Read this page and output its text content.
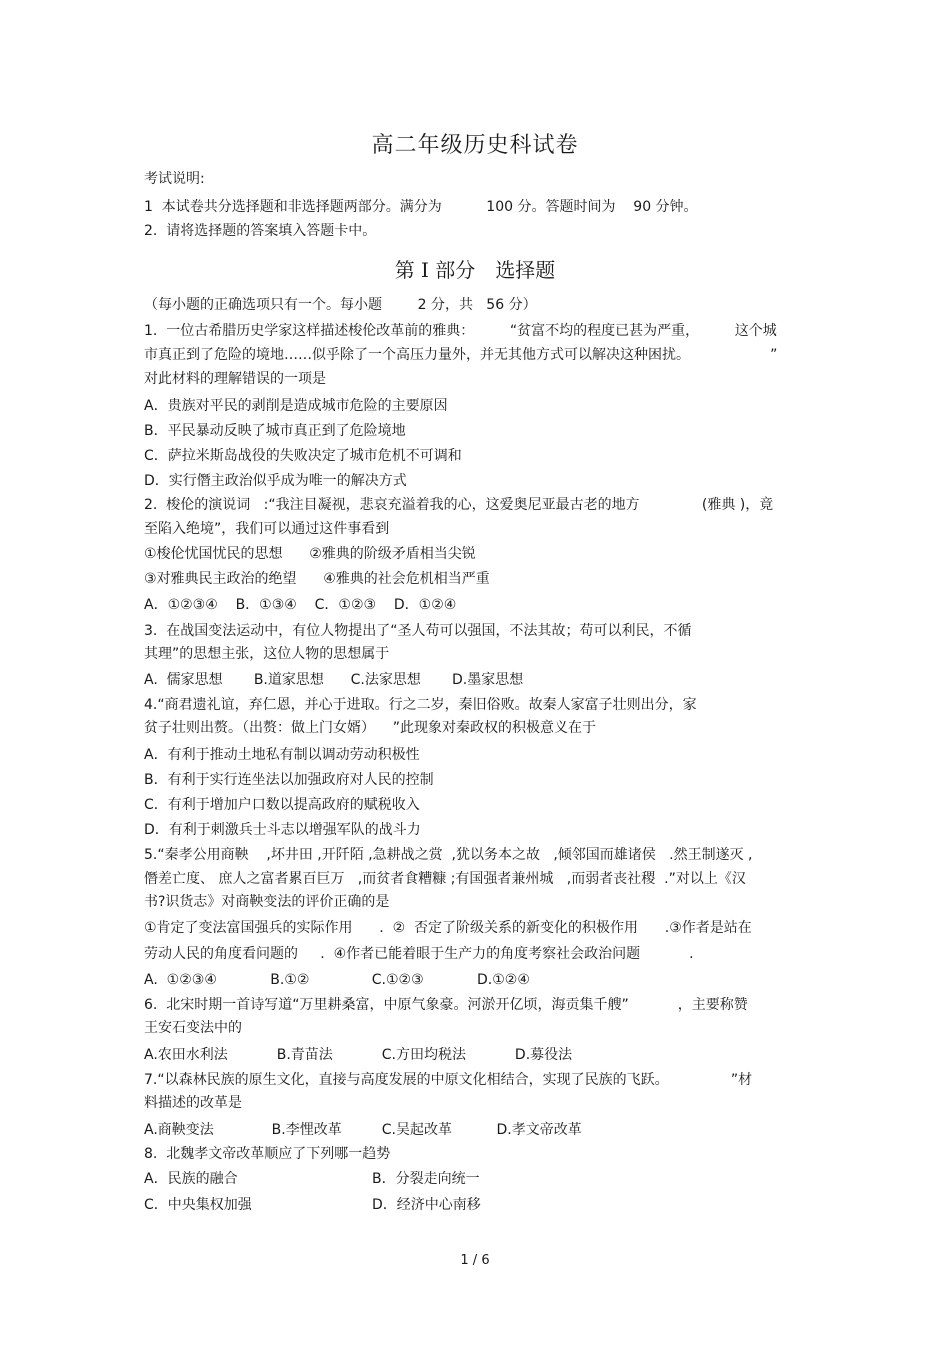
高二年级历史科试卷
考试说明:
1  本试卷共分选择题和非选择题两部分。满分为          100 分。答题时间为    90 分钟。
2.  请将选择题的答案填入答题卡中。
第 I 部分 选择题
（每小题的正确选项只有一个。每小题        2 分，共   56 分）
1.  一位古希腊历史学家这样描述梭伦改革前的雅典：        “贫富不均的程度已甚为严重，        这个城
市真正到了危险的境地……似乎除了一个高压力量外，并无其他方式可以解决这种困扰。                  ”
对此材料的理解错误的一项是
A．贵族对平民的剥削是造成城市危险的主要原因
B．平民暴动反映了城市真正到了危险境地
C．萨拉米斯岛战役的失败决定了城市危机不可调和
D．实行僭主政治似乎成为唯一的解决方式
2.  梭伦的演说词   :“我注目凝视，悲哀充溢着我的心，这爱奥尼亚最古老的地方              (雅典 )，竟
至陷入绝境”，我们可以通过这件事看到
①梭伦忧国忧民的思想      ②雅典的阶级矛盾相当尖锐
③对雅典民主政治的绝望      ④雅典的社会危机相当严重
A．①②③④    B．①③④    C．①②③    D．①②④
3.  在战国变法运动中，有位人物提出了“圣人苟可以强国，不法其故；苟可以利民，不循
其理”的思想主张，这位人物的思想属于
A.  儒家思想       B.道家思想      C.法家思想       D.墨家思想
4.“商君遗礼谊，弃仁恩，并心于进取。行之二岁，秦旧俗败。故秦人家富子壮则出分，家
贫子壮则出赘。（出赘：做上门女婿）    ”此现象对秦政权的积极意义在于
A．有利于推动土地私有制以调动劳动积极性
B．有利于实行连坐法以加强政府对人民的控制
C．有利于增加户口数以提高政府的赋税收入
D．有利于刺激兵士斗志以增强军队的战斗力
5.“秦孝公用商鞅    ,坏井田 ,开阡陌 ,急耕战之赏  ,犹以务本之故   ,倾邻国而雄诸侯   .然王制遂灭 ,
僭差亡度、 庶人之富者累百巨万   ,而贫者食糟糠 ;有国强者兼州城   ,而弱者丧社稷  .”对以上《汉
书?识货志》对商鞅变法的评价正确的是
①肯定了变法富国强兵的实际作用      .  ②  否定了阶级关系的新变化的积极作用      .③作者是站在
劳动人民的角度看问题的     .  ④作者已能着眼于生产力的角度考察社会政治问题           .
A.  ①②③④            B.①②              C.①②③            D.①②④
6.  北宋时期一首诗写道“万里耕桑富，中原气象豪。河淤开亿顷，海贡集千艘”           ，主要称赞
王安石变法中的
A.农田水利法           B.青苗法           C.方田均税法           D.募役法
7.“以森林民族的原生文化，直接与高度发展的中原文化相结合，实现了民族的飞跃。              ”材
料描述的改革是
A.商鞅变法             B.李悝改革         C.吴起改革          D.孝文帝改革
8.  北魏孝文帝改革顺应了下列哪一趋势
A．民族的融合	B．分裂走向统一
C．中央集权加强	D．经济中心南移
1 / 6
